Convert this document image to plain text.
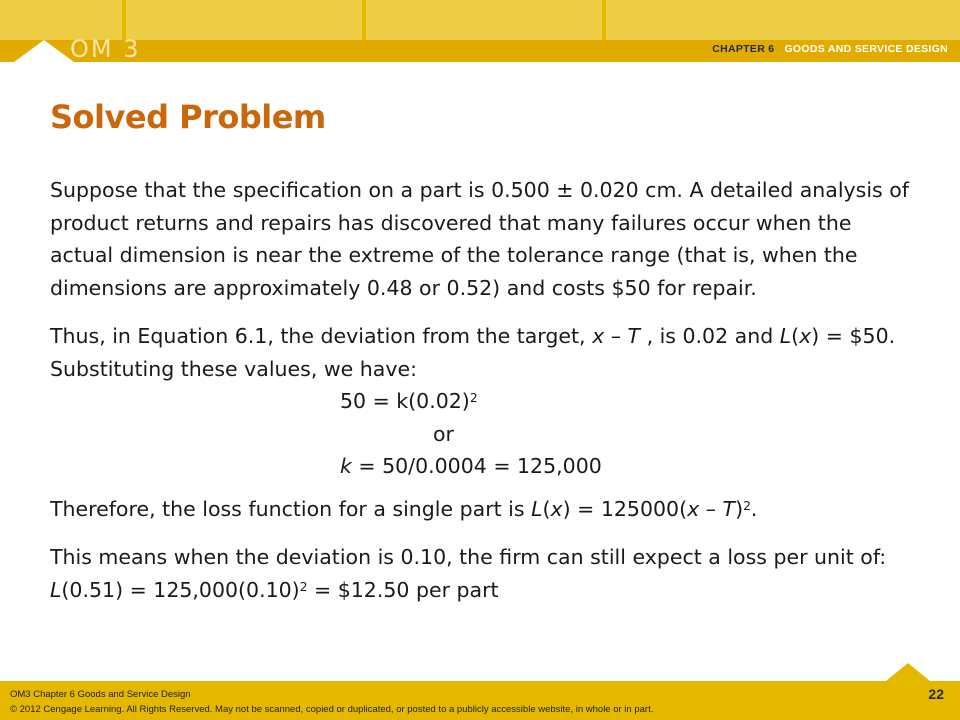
OM 3	CHAPTER 6 GOODS AND SERVICE DESIGN
Solved Problem

Suppose that the specification on a part is 0.500 ± 0.020 cm. A detailed analysis of product returns and repairs has discovered that many failures occur when the actual dimension is near the extreme of the tolerance range (that is, when the dimensions are approximately 0.48 or 0.52) and costs $50 for repair.

Thus, in Equation 6.1, the deviation from the target, x – T , is 0.02 and L(x) = $50. Substituting these values, we have:

$50 = k(0.02)^2$
or
k = 50/0.0004 = 125,000

Therefore, the loss function for a single part is L(x) = 125000(x – T)$^2$.

This means when the deviation is 0.10, the firm can still expect a loss per unit of: $L(0.51) = 125,000(0.10)^2$ = $12.50 per part

OM3 Chapter 6 Goods and Service Design
© 2012 Cengage Learning. All Rights Reserved. May not be scanned, copied or duplicated, or posted to a publicly accessible website, in whole or in part.
22
